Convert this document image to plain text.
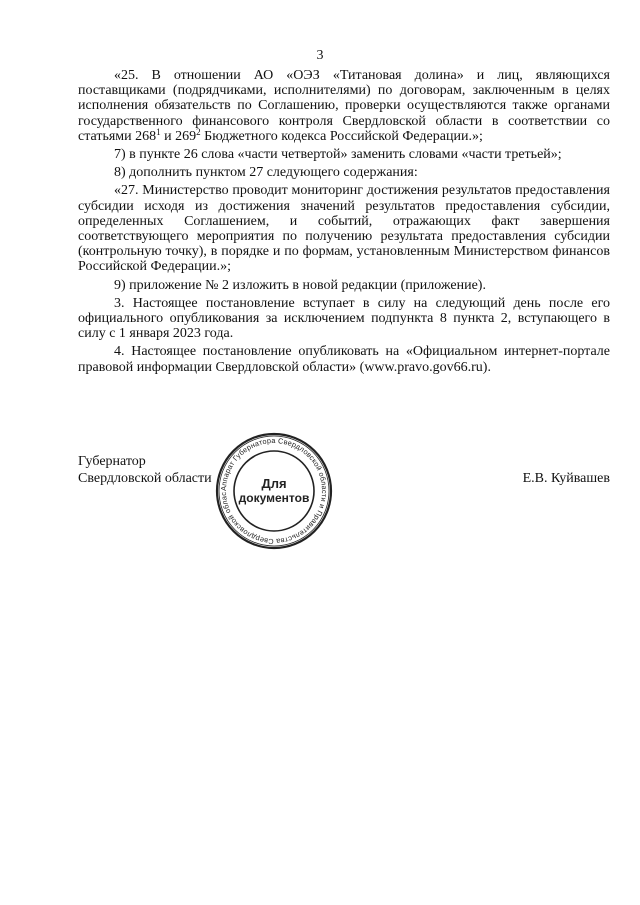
3

«25. В отношении АО «ОЭЗ «Титановая долина» и лиц, являющихся поставщиками (подрядчиками, исполнителями) по договорам, заключенным в целях исполнения обязательств по Соглашению, проверки осуществляются также органами государственного финансового контроля Свердловской области в соответствии со статьями $268^1$ и $269^2$ Бюджетного кодекса Российской Федерации.»;

7) в пункте 26 слова «части четвертой» заменить словами «части третьей»;

8) дополнить пунктом 27 следующего содержания:

«27. Министерство проводит мониторинг достижения результатов предоставления субсидии исходя из достижения значений результатов предоставления субсидии, определенных Соглашением, и событий, отражающих факт завершения соответствующего мероприятия по получению результата предоставления субсидии (контрольную точку), в порядке и по формам, установленным Министерством финансов Российской Федерации.»;

9) приложение № 2 изложить в новой редакции (приложение).

3. Настоящее постановление вступает в силу на следующий день после его официального опубликования за исключением подпункта 8 пункта 2, вступающего в силу с 1 января 2023 года.

4. Настоящее постановление опубликовать на «Официальном интернет-портале правовой информации Свердловской области» (www.pravo.gov66.ru).

Губернатор
Свердловской области	Е.В. Куйвашев
Аппарат Губернатора Свердловской области и Правительства Свердловской облас
Для
документов
